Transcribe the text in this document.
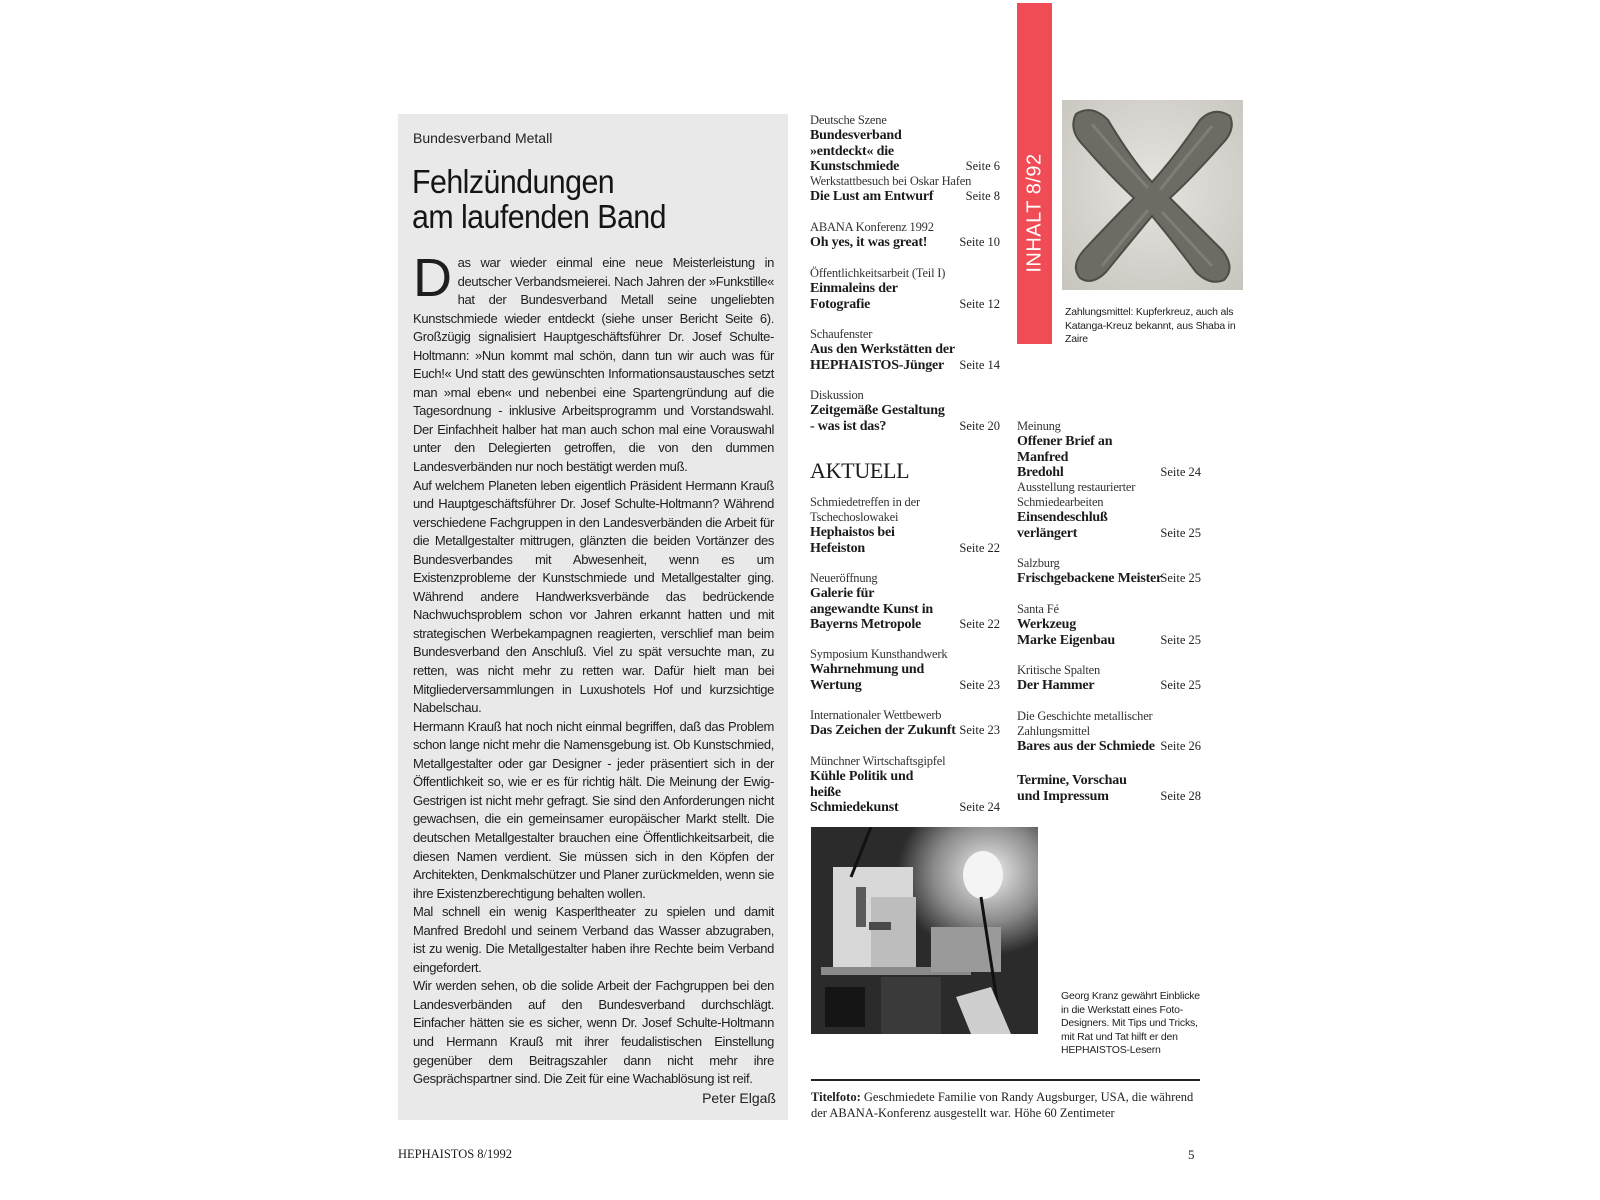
Bundesverband Metall
Fehlzündungen
am laufenden Band

Das war wieder einmal eine neue Meisterleistung in deutscher Verbandsmeierei. Nach Jahren der »Funkstille« hat der Bundesverband Metall seine ungeliebten Kunstschmiede wieder entdeckt (siehe unser Bericht Seite 6). Großzügig signalisiert Hauptgeschäftsführer Dr. Josef Schulte-Holtmann: »Nun kommt mal schön, dann tun wir auch was für Euch!« Und statt des gewünschten Informationsaustausches setzt man »mal eben« und nebenbei eine Spartengründung auf die Tagesordnung - inklusive Arbeitsprogramm und Vorstandswahl. Der Einfachheit halber hat man auch schon mal eine Vorauswahl unter den Delegierten getroffen, die von den dummen Landesverbänden nur noch bestätigt werden muß.

Auf welchem Planeten leben eigentlich Präsident Hermann Krauß und Hauptgeschäftsführer Dr. Josef Schulte-Holtmann? Während verschiedene Fachgruppen in den Landesverbänden die Arbeit für die Metallgestalter mittrugen, glänzten die beiden Vortänzer des Bundesverbandes mit Abwesenheit, wenn es um Existenzprobleme der Kunstschmiede und Metallgestalter ging. Während andere Handwerksverbände das bedrückende Nachwuchsproblem schon vor Jahren erkannt hatten und mit strategischen Werbekampagnen reagierten, verschlief man beim Bundesverband den Anschluß. Viel zu spät versuchte man, zu retten, was nicht mehr zu retten war. Dafür hielt man bei Mitgliederversammlungen in Luxushotels Hof und kurzsichtige Nabelschau.

Hermann Krauß hat noch nicht einmal begriffen, daß das Problem schon lange nicht mehr die Namensgebung ist. Ob Kunstschmied, Metallgestalter oder gar Designer - jeder präsentiert sich in der Öffentlichkeit so, wie er es für richtig hält. Die Meinung der Ewig-Gestrigen ist nicht mehr gefragt. Sie sind den Anforderungen nicht gewachsen, die ein gemeinsamer europäischer Markt stellt. Die deutschen Metallgestalter brauchen eine Öffentlichkeitsarbeit, die diesen Namen verdient. Sie müssen sich in den Köpfen der Architekten, Denkmalschützer und Planer zurückmelden, wenn sie ihre Existenzberechtigung behalten wollen.

Mal schnell ein wenig Kasperltheater zu spielen und damit Manfred Bredohl und seinem Verband das Wasser abzugraben, ist zu wenig. Die Metallgestalter haben ihre Rechte beim Verband eingefordert.

Wir werden sehen, ob die solide Arbeit der Fachgruppen bei den Landesverbänden auf den Bundesverband durchschlägt. Einfacher hätten sie es sicher, wenn Dr. Josef Schulte-Holtmann und Hermann Krauß mit ihrer feudalistischen Einstellung gegenüber dem Beitragszahler dann nicht mehr ihre Gesprächspartner sind. Die Zeit für eine Wachablösung ist reif.

Peter Elgaß
Deutsche Szene
Bundesverband »entdeckt« die Kunstschmiede	Seite 6
Werkstattbesuch bei Oskar Hafen
Die Lust am Entwurf	Seite 8
ABANA Konferenz 1992
Oh yes, it was great!	Seite 10
Öffentlichkeitsarbeit (Teil I)
Einmaleins der Fotografie	Seite 12
Schaufenster
Aus den Werkstätten der HEPHAISTOS-Jünger	Seite 14
Diskussion
Zeitgemäße Gestaltung - was ist das?	Seite 20
AKTUELL
Schmiedetreffen in der Tschechoslowakei
Hephaistos bei Hefeiston	Seite 22
Neueröffnung
Galerie für angewandte Kunst in Bayerns Metropole	Seite 22
Symposium Kunsthandwerk
Wahrnehmung und Wertung	Seite 23
Internationaler Wettbewerb
Das Zeichen der Zukunft Seite 23
Münchner Wirtschaftsgipfel
Kühle Politik und heiße Schmiedekunst	Seite 24
Meinung
Offener Brief an Manfred Bredohl	Seite 24
Ausstellung restaurierter Schmiedearbeiten
Einsendeschluß verlängert	Seite 25
Salzburg
Frischgebackene Meister
Seite 25
Santa Fé
Werkzeug Marke Eigenbau	Seite 25
Kritische Spalten
Der Hammer	Seite 25
Die Geschichte metallischer Zahlungsmittel
Bares aus der Schmiede Seite 26
Termine, Vorschau und Impressum	Seite 28
INHALT 8/92
Zahlungsmittel: Kupferkreuz, auch als Katanga-Kreuz bekannt, aus Shaba in Zaire
Georg Kranz gewährt Einblicke in die Werkstatt eines Foto-Designers. Mit Tips und Tricks, mit Rat und Tat hilft er den HEPHAISTOS-Lesern
Titelfoto: Geschmiedete Familie von Randy Augsburger, USA, die während der ABANA-Konferenz ausgestellt war. Höhe 60 Zentimeter
HEPHAISTOS 8/1992	5
